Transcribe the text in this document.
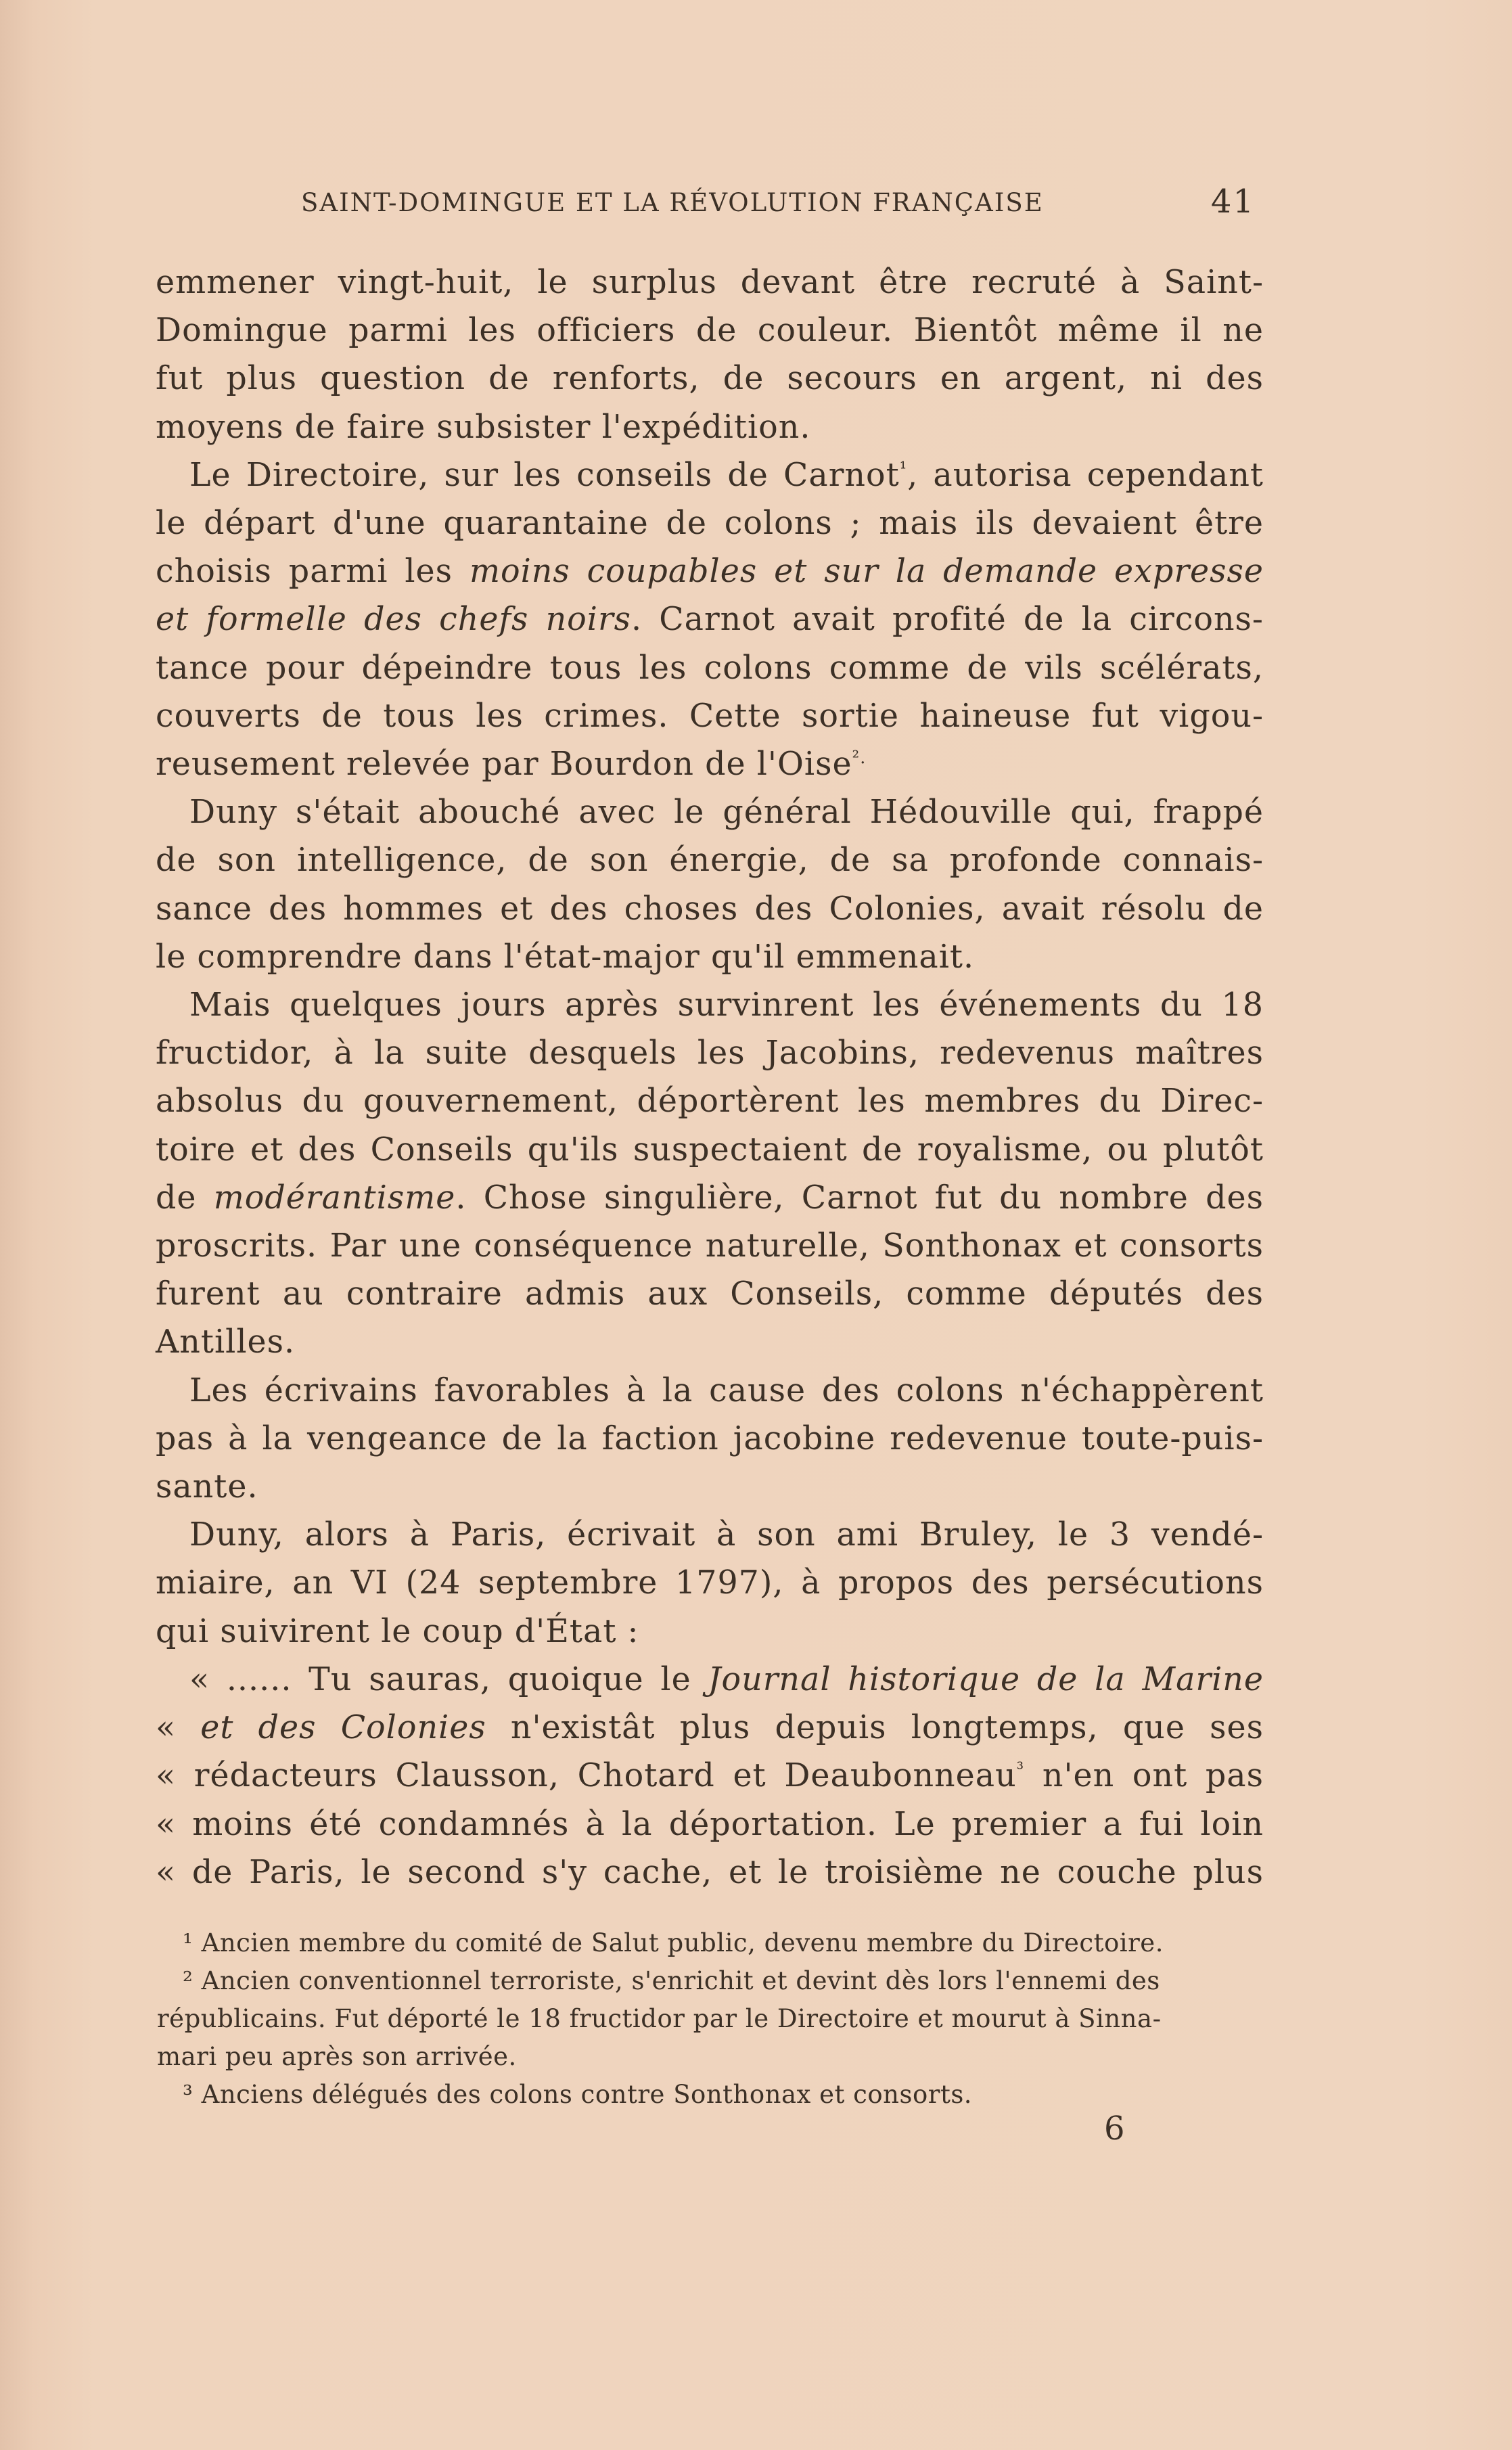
SAINT-DOMINGUE ET LA RÉVOLUTION FRANÇAISE	41

emmener vingt-huit, le surplus devant être recruté à Saint-

Domingue parmi les officiers de couleur. Bientôt même il ne

fut plus question de renforts, de secours en argent, ni des

moyens de faire subsister l'expédition.

Le Directoire, sur les conseils de Carnot$^{^1}$, autorisa cependant

le départ d'une quarantaine de colons ; mais ils devaient être

choisis parmi les moins coupables et sur la demande expresse

et formelle des chefs noirs. Carnot avait profité de la circons-

tance pour dépeindre tous les colons comme de vils scélérats,

couverts de tous les crimes. Cette sortie haineuse fut vigou-

reusement relevée par Bourdon de l'Oise$^{^2.}$

Duny s'était abouché avec le général Hédouville qui, frappé

de son intelligence, de son énergie, de sa profonde connais-

sance des hommes et des choses des Colonies, avait résolu de

le comprendre dans l'état-major qu'il emmenait.

Mais quelques jours après survinrent les événements du 18

fructidor, à la suite desquels les Jacobins, redevenus maîtres

absolus du gouvernement, déportèrent les membres du Direc-

toire et des Conseils qu'ils suspectaient de royalisme, ou plutôt

de modérantisme. Chose singulière, Carnot fut du nombre des

proscrits. Par une conséquence naturelle, Sonthonax et consorts

furent au contraire admis aux Conseils, comme députés des

Antilles.

Les écrivains favorables à la cause des colons n'échappèrent

pas à la vengeance de la faction jacobine redevenue toute-puis-

sante.

Duny, alors à Paris, écrivait à son ami Bruley, le 3 vendé-

miaire, an VI (24 septembre 1797), à propos des persécutions

qui suivirent le coup d'État :

« ...... Tu sauras, quoique le Journal historique de la Marine

« et des Colonies n'existât plus depuis longtemps, que ses

« rédacteurs Clausson, Chotard et Deaubonneau$^{^3}$ n'en ont pas

« moins été condamnés à la déportation. Le premier a fui loin

« de Paris, le second s'y cache, et le troisième ne couche plus

¹ Ancien membre du comité de Salut public, devenu membre du Directoire.

² Ancien conventionnel terroriste, s'enrichit et devint dès lors l'ennemi des

républicains. Fut déporté le 18 fructidor par le Directoire et mourut à Sinna-

mari peu après son arrivée.

³ Anciens délégués des colons contre Sonthonax et consorts.

6
